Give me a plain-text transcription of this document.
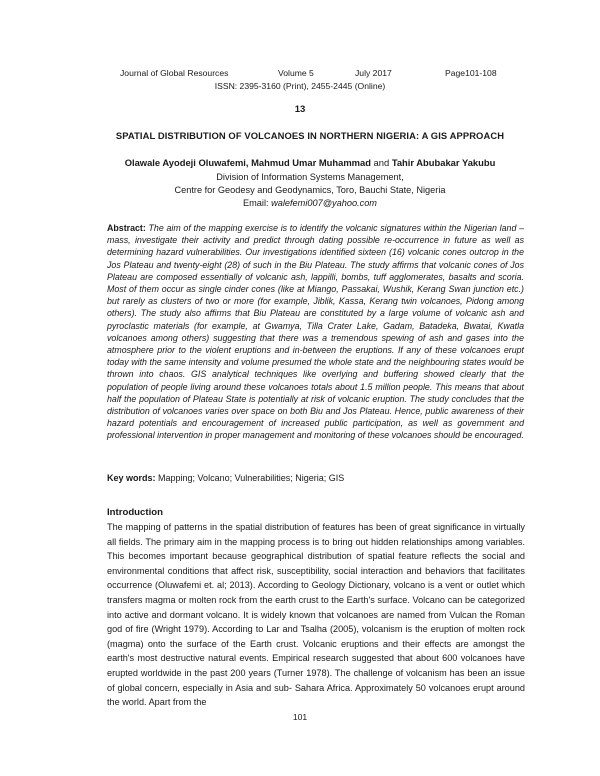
Journal of Global Resources	Volume 5	July 2017	Page101-108
ISSN: 2395-3160 (Print), 2455-2445 (Online)
13
SPATIAL DISTRIBUTION OF VOLCANOES IN NORTHERN NIGERIA: A GIS APPROACH
Olawale Ayodeji Oluwafemi, Mahmud Umar Muhammad and Tahir Abubakar Yakubu
Division of Information Systems Management,
Centre for Geodesy and Geodynamics, Toro, Bauchi State, Nigeria
Email: walefemi007@yahoo.com
Abstract: The aim of the mapping exercise is to identify the volcanic signatures within the Nigerian land –mass, investigate their activity and predict through dating possible re-occurrence in future as well as determining hazard vulnerabilities. Our investigations identified sixteen (16) volcanic cones outcrop in the Jos Plateau and twenty-eight (28) of such in the Biu Plateau. The study affirms that volcanic cones of Jos Plateau are composed essentially of volcanic ash, lappilli, bombs, tuff agglomerates, basalts and scoria. Most of them occur as single cinder cones (like at Miango, Passakai, Wushik, Kerang Swan junction etc.) but rarely as clusters of two or more (for example, Jiblik, Kassa, Kerang twin volcanoes, Pidong among others). The study also affirms that Biu Plateau are constituted by a large volume of volcanic ash and pyroclastic materials (for example, at Gwamya, Tilla Crater Lake, Gadam, Batadeka, Bwatai, Kwatla volcanoes among others) suggesting that there was a tremendous spewing of ash and gases into the atmosphere prior to the violent eruptions and in-between the eruptions. If any of these volcanoes erupt today with the same intensity and volume presumed the whole state and the neighbouring states would be thrown into chaos. GIS analytical techniques like overlying and buffering showed clearly that the population of people living around these volcanoes totals about 1.5 million people. This means that about half the population of Plateau State is potentially at risk of volcanic eruption. The study concludes that the distribution of volcanoes varies over space on both Biu and Jos Plateau. Hence, public awareness of their hazard potentials and encouragement of increased public participation, as well as government and professional intervention in proper management and monitoring of these volcanoes should be encouraged.
Key words: Mapping; Volcano; Vulnerabilities; Nigeria; GIS
Introduction
The mapping of patterns in the spatial distribution of features has been of great significance in virtually all fields. The primary aim in the mapping process is to bring out hidden relationships among variables. This becomes important because geographical distribution of spatial feature reflects the social and environmental conditions that affect risk, susceptibility, social interaction and behaviors that facilitates occurrence (Oluwafemi et. al; 2013). According to Geology Dictionary, volcano is a vent or outlet which transfers magma or molten rock from the earth crust to the Earth's surface. Volcano can be categorized into active and dormant volcano. It is widely known that volcanoes are named from Vulcan the Roman god of fire (Wright 1979). According to Lar and Tsalha (2005), volcanism is the eruption of molten rock (magma) onto the surface of the Earth crust. Volcanic eruptions and their effects are amongst the earth's most destructive natural events. Empirical research suggested that about 600 volcanoes have erupted worldwide in the past 200 years (Turner 1978). The challenge of volcanism has been an issue of global concern, especially in Asia and sub- Sahara Africa. Approximately 50 volcanoes erupt around the world. Apart from the
101
